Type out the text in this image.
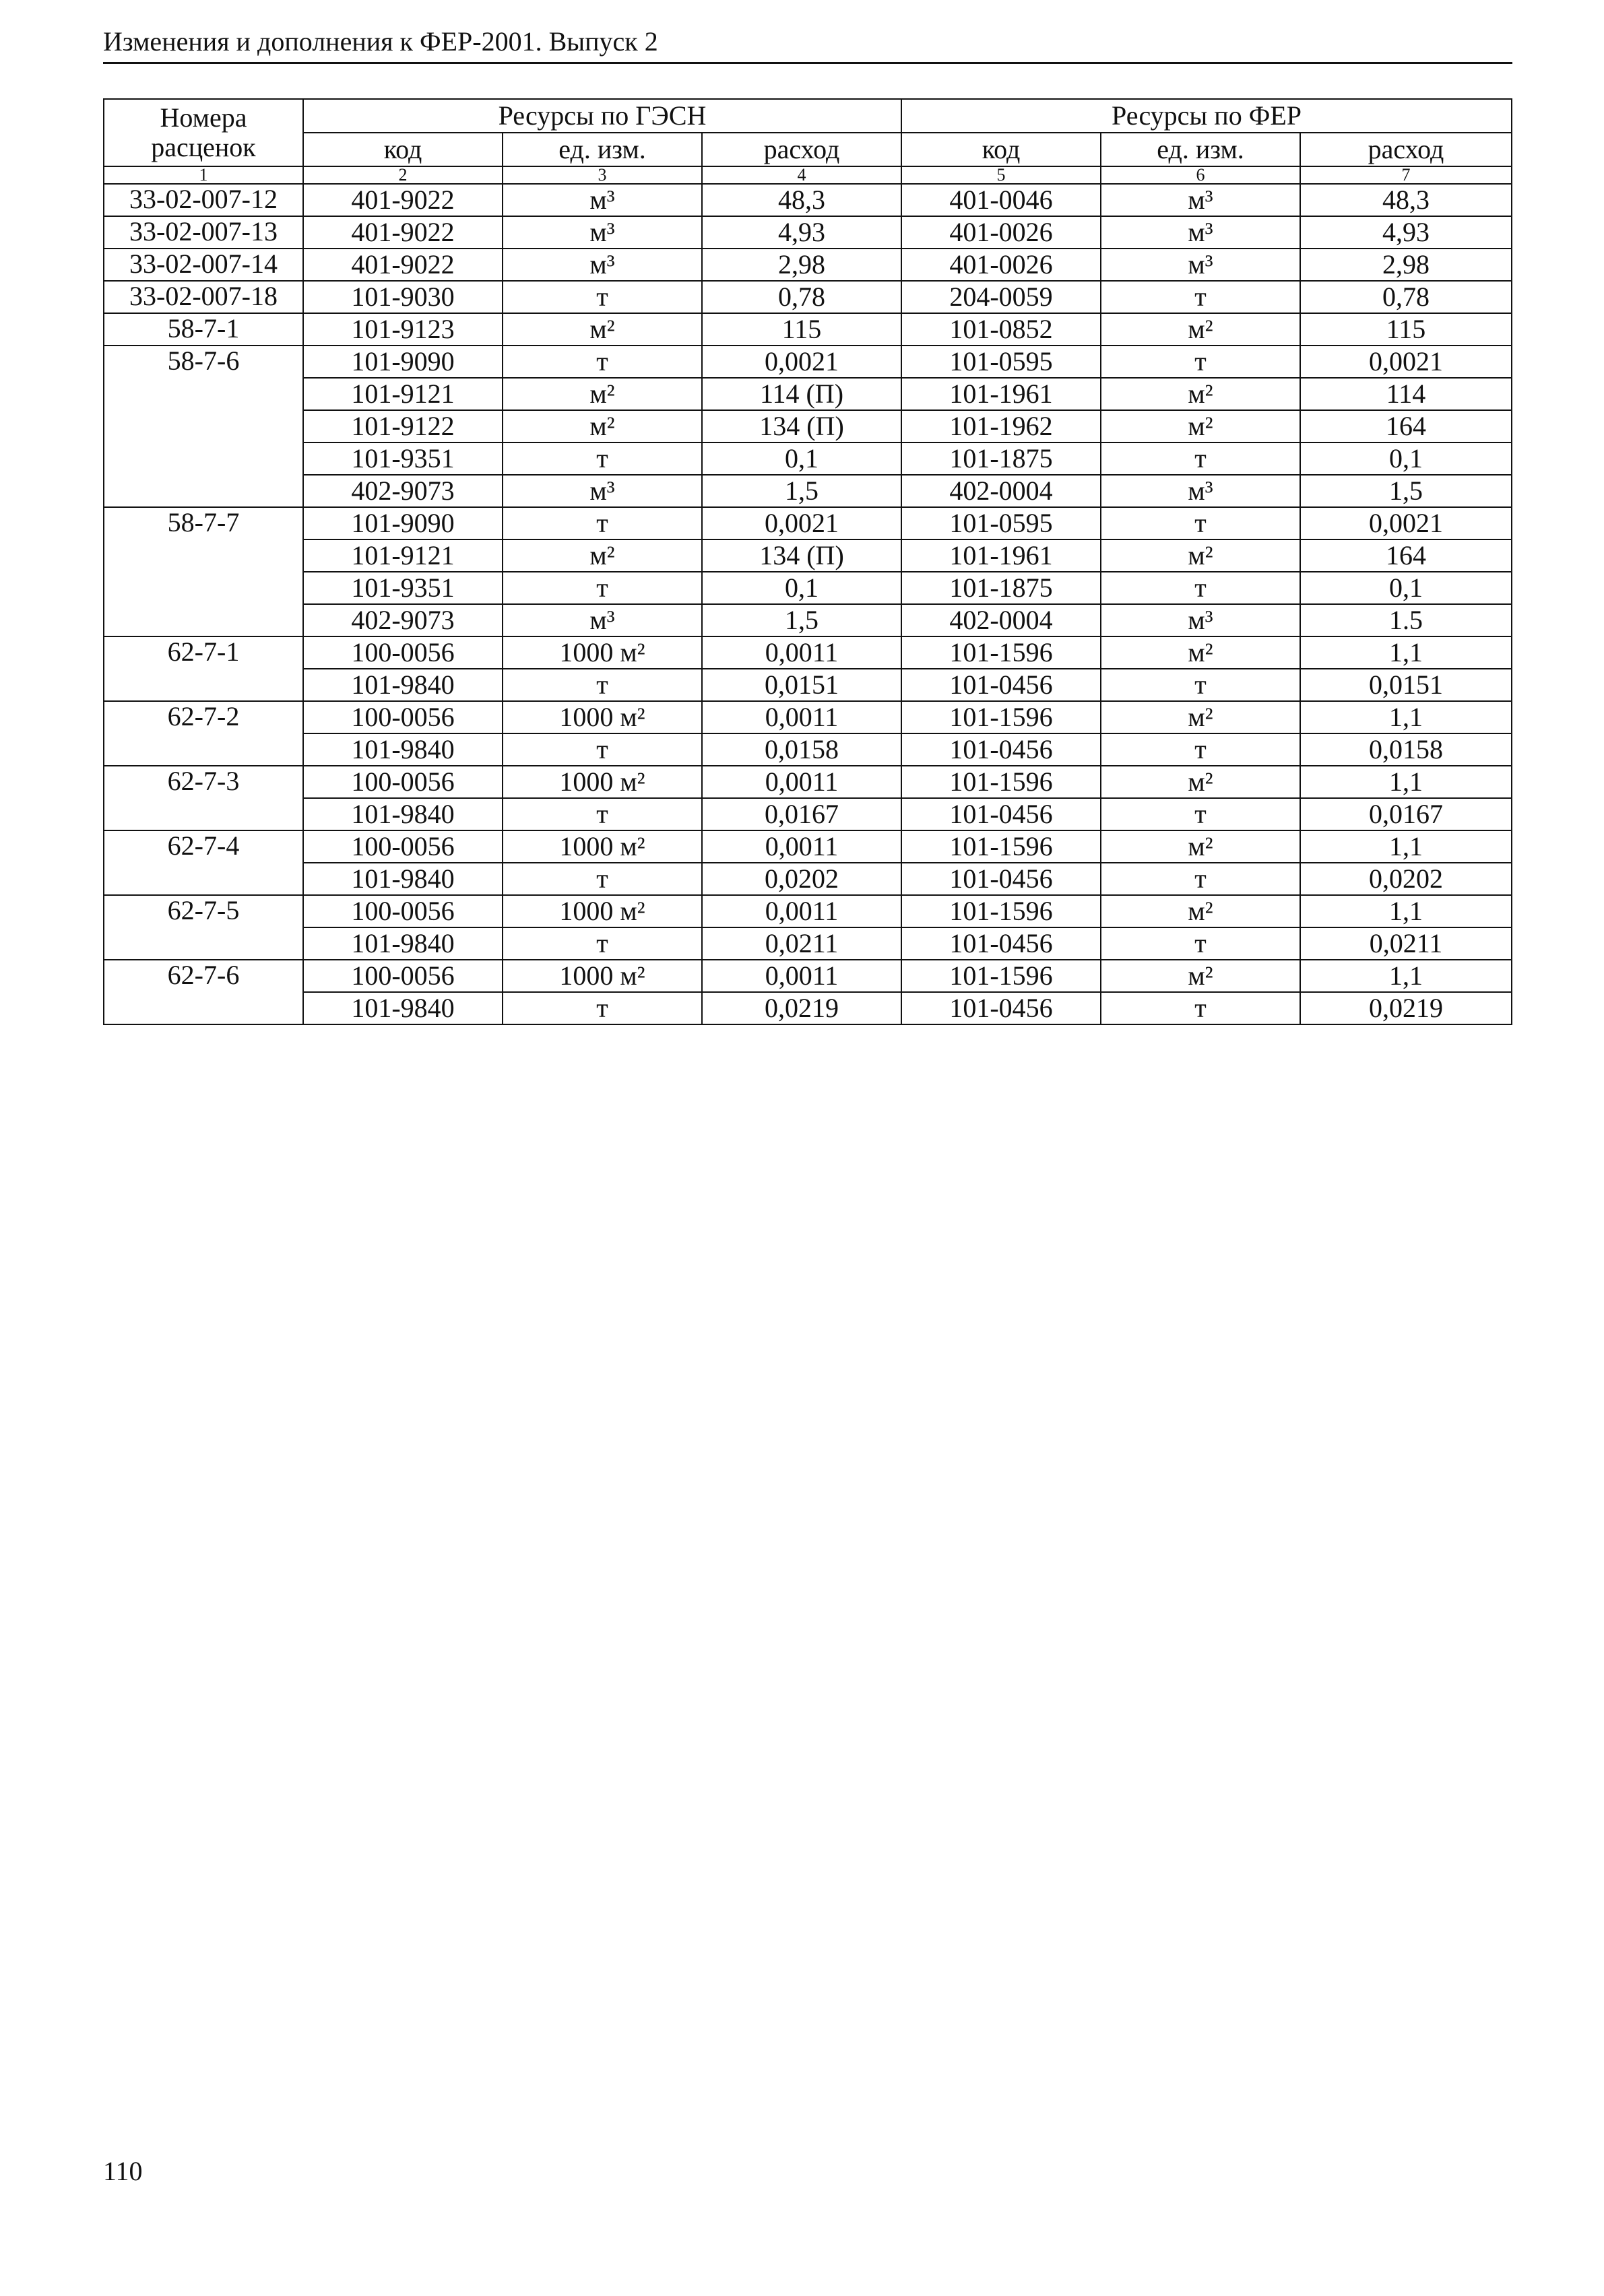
Изменения и дополнения к ФЕР-2001. Выпуск 2
Номера расценок	Ресурсы по ГЭСН			Ресурсы по ФЕР		
	код	ед. изм.	расход	код	ед. изм.	расход
1	2	3	4	5	6	7
33-02-007-12	401-9022	м³	48,3	401-0046	м³	48,3
33-02-007-13	401-9022	м³	4,93	401-0026	м³	4,93
33-02-007-14	401-9022	м³	2,98	401-0026	м³	2,98
33-02-007-18	101-9030	т	0,78	204-0059	т	0,78
58-7-1	101-9123	м²	115	101-0852	м²	115
58-7-6	101-9090	т	0,0021	101-0595	т	0,0021
	101-9121	м²	114 (П)	101-1961	м²	114
	101-9122	м²	134 (П)	101-1962	м²	164
	101-9351	т	0,1	101-1875	т	0,1
	402-9073	м³	1,5	402-0004	м³	1,5
58-7-7	101-9090	т	0,0021	101-0595	т	0,0021
	101-9121	м²	134 (П)	101-1961	м²	164
	101-9351	т	0,1	101-1875	т	0,1
	402-9073	м³	1,5	402-0004	м³	1.5
62-7-1	100-0056	1000 м²	0,0011	101-1596	м²	1,1
	101-9840	т	0,0151	101-0456	т	0,0151
62-7-2	100-0056	1000 м²	0,0011	101-1596	м²	1,1
	101-9840	т	0,0158	101-0456	т	0,0158
62-7-3	100-0056	1000 м²	0,0011	101-1596	м²	1,1
	101-9840	т	0,0167	101-0456	т	0,0167
62-7-4	100-0056	1000 м²	0,0011	101-1596	м²	1,1
	101-9840	т	0,0202	101-0456	т	0,0202
62-7-5	100-0056	1000 м²	0,0011	101-1596	м²	1,1
	101-9840	т	0,0211	101-0456	т	0,0211
62-7-6	100-0056	1000 м²	0,0011	101-1596	м²	1,1
	101-9840	т	0,0219	101-0456	т	0,0219
110
